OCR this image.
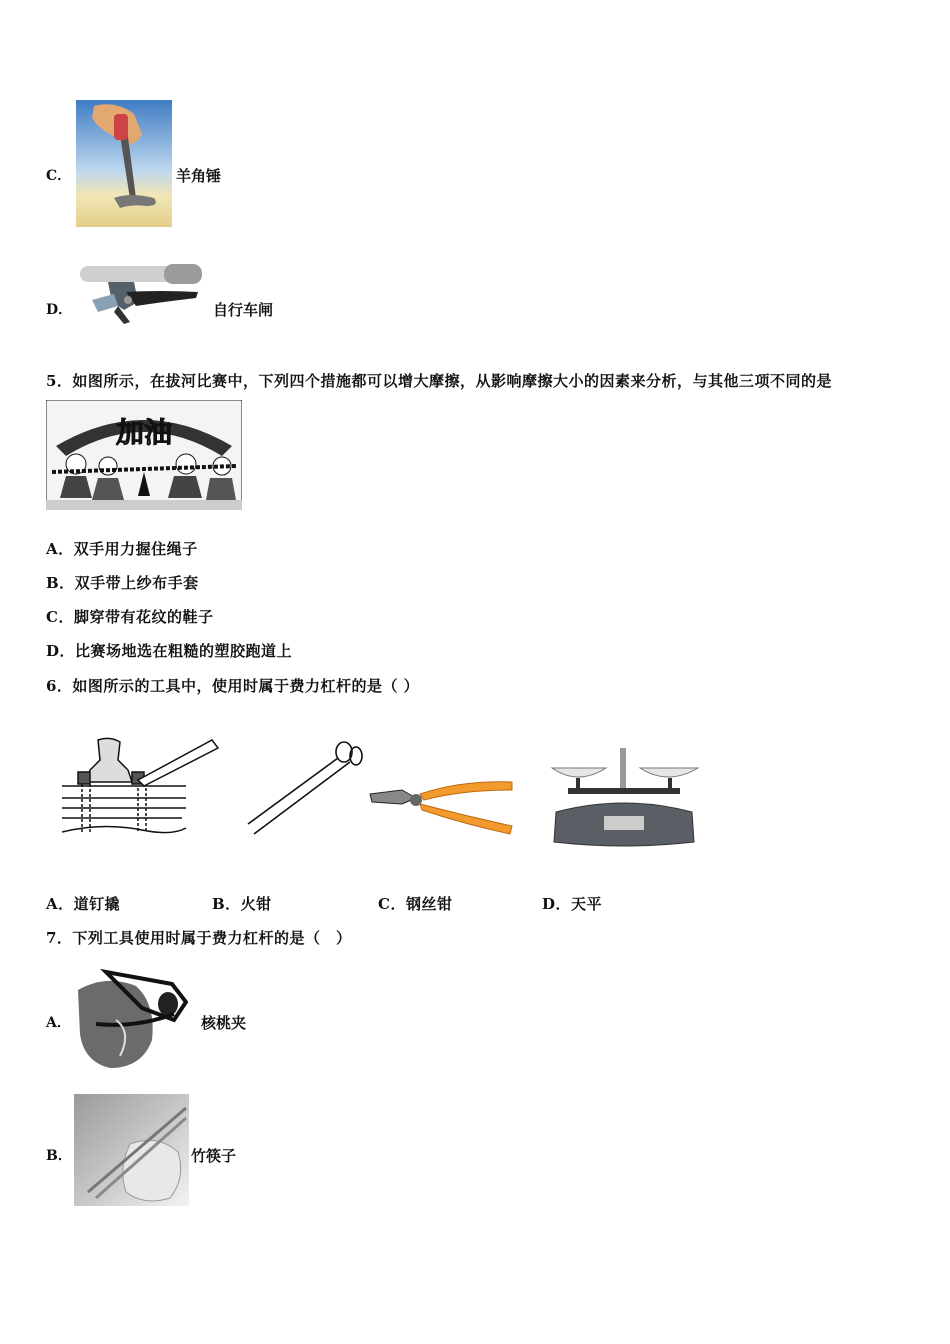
C．	羊角锤
D．	自行车闸
5．如图所示，在拔河比赛中，下列四个措施都可以增大摩擦，从影响摩擦大小的因素来分析，与其他三项不同的是
加油
A．双手用力握住绳子
B．双手带上纱布手套
C．脚穿带有花纹的鞋子
D．比赛场地选在粗糙的塑胶跑道上
6．如图所示的工具中，使用时属于费力杠杆的是（ ）
A．道钉撬	B．火钳	C．钢丝钳	D．天平
7．下列工具使用时属于费力杠杆的是（　）
A．	核桃夹
B．	竹筷子
